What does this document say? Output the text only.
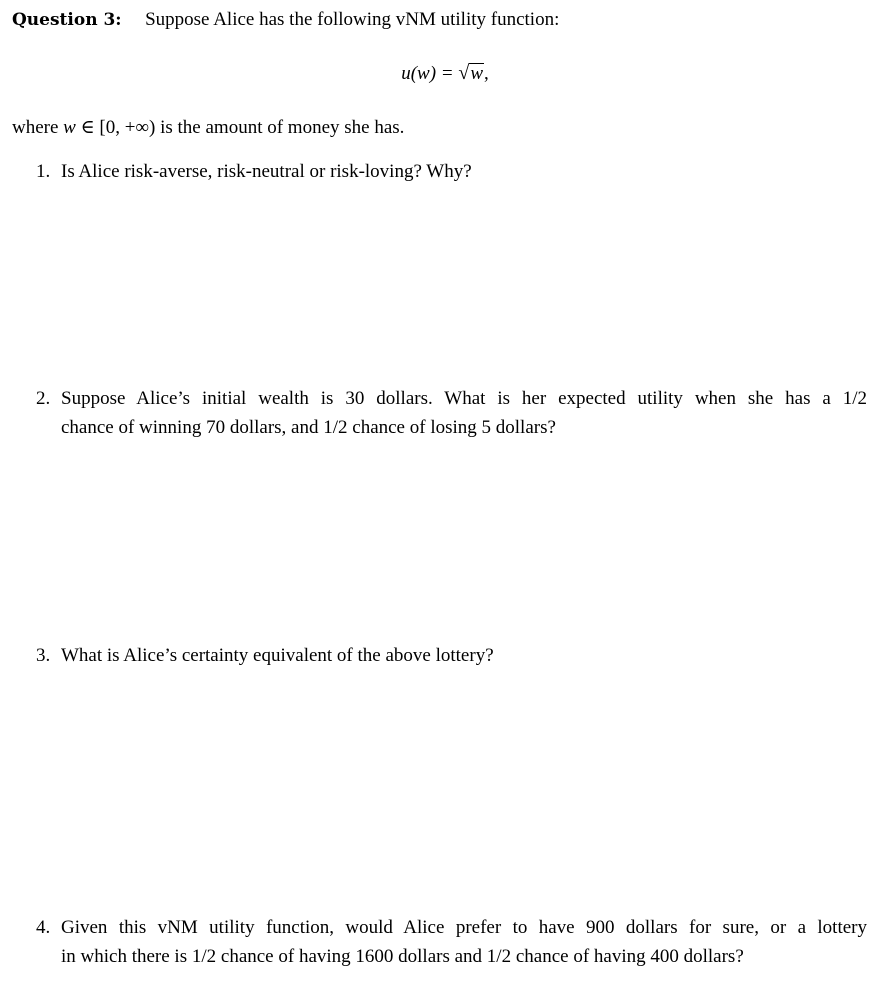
Question 3: Suppose Alice has the following vNM utility function:
u(w) = √w,
where w ∈ [0, +∞) is the amount of money she has.
1. Is Alice risk-averse, risk-neutral or risk-loving? Why?
2. Suppose Alice’s initial wealth is 30 dollars. What is her expected utility when she has a 1/2
chance of winning 70 dollars, and 1/2 chance of losing 5 dollars?
3. What is Alice’s certainty equivalent of the above lottery?
4. Given this vNM utility function, would Alice prefer to have 900 dollars for sure, or a lottery
in which there is 1/2 chance of having 1600 dollars and 1/2 chance of having 400 dollars?
